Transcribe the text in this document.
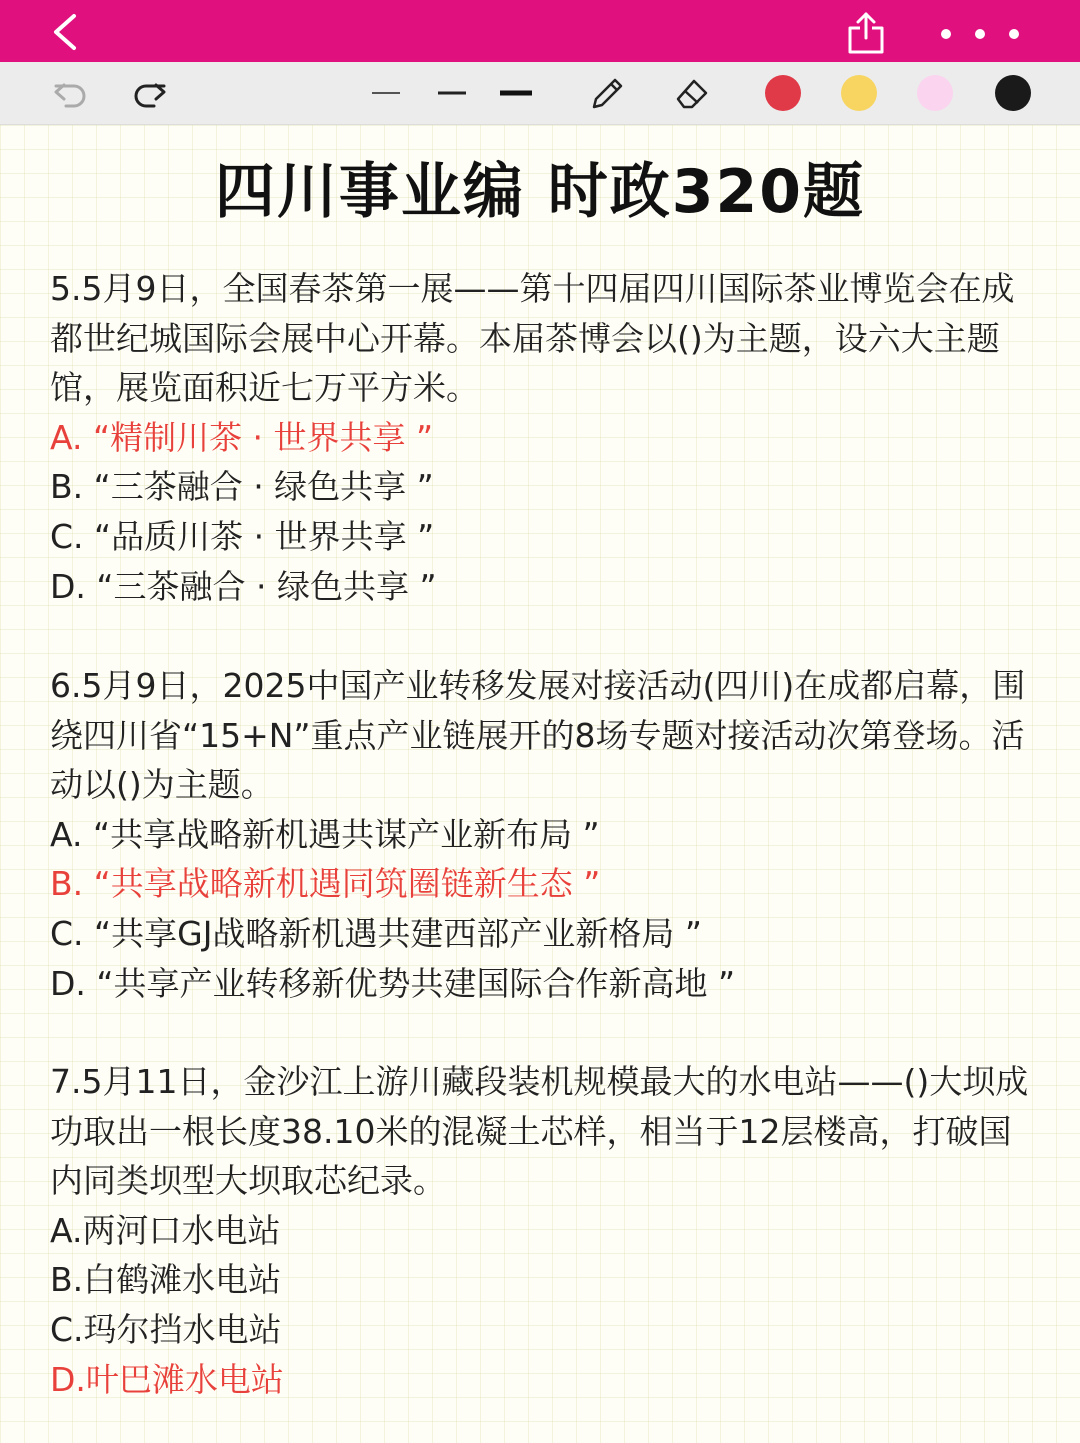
四川事业编 时政320题

5.5月9日，全国春茶第一展——第十四届四川国际茶业博览会在成都世纪城国际会展中心开幕。本届茶博会以()为主题，设六大主题馆，展览面积近七万平方米。

A. “精制川茶 · 世界共享 ”

B. “三茶融合 · 绿色共享 ”

C. “品质川茶 · 世界共享 ”

D. “三茶融合 · 绿色共享 ”

6.5月9日，2025中国产业转移发展对接活动(四川)在成都启幕，围绕四川省“15+N”重点产业链展开的8场专题对接活动次第登场。活动以()为主题。

A. “共享战略新机遇共谋产业新布局 ”

B. “共享战略新机遇同筑圈链新生态 ”

C. “共享GJ战略新机遇共建西部产业新格局 ”

D. “共享产业转移新优势共建国际合作新高地 ”

7.5月11日，金沙江上游川藏段装机规模最大的水电站——()大坝成功取出一根长度38.10米的混凝土芯样，相当于12层楼高，打破国内同类坝型大坝取芯纪录。

A.两河口水电站

B.白鹤滩水电站

C.玛尔挡水电站

D.叶巴滩水电站
